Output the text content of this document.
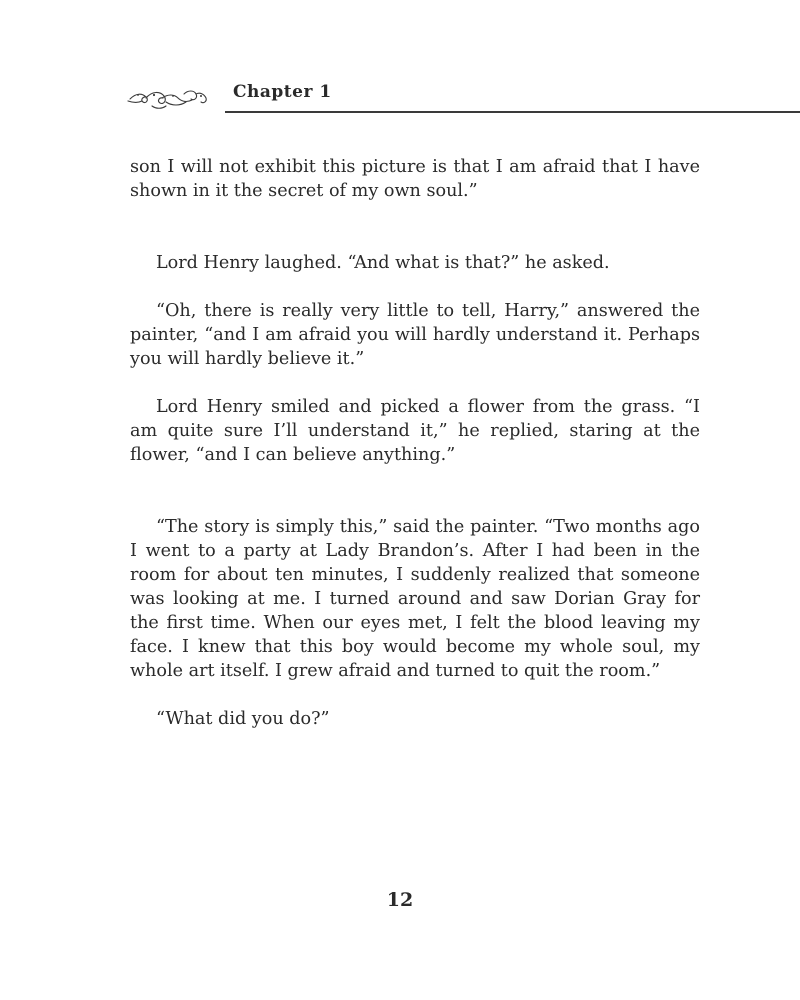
Chapter 1

son I will not exhibit this picture is that I am afraid that I have shown in it the secret of my own soul.”

Lord Henry laughed. “And what is that?” he asked.

“Oh, there is really very little to tell, Harry,” answered the painter, “and I am afraid you will hardly understand it. Perhaps you will hardly believe it.”

Lord Henry smiled and picked a flower from the grass. “I am quite sure I’ll understand it,” he replied, staring at the flower, “and I can believe anything.”

“The story is simply this,” said the painter. “Two months ago I went to a party at Lady Brandon’s. After I had been in the room for about ten minutes, I suddenly realized that someone was looking at me. I turned around and saw Dorian Gray for the first time. When our eyes met, I felt the blood leaving my face. I knew that this boy would become my whole soul, my whole art itself. I grew afraid and turned to quit the room.”

“What did you do?”

12
